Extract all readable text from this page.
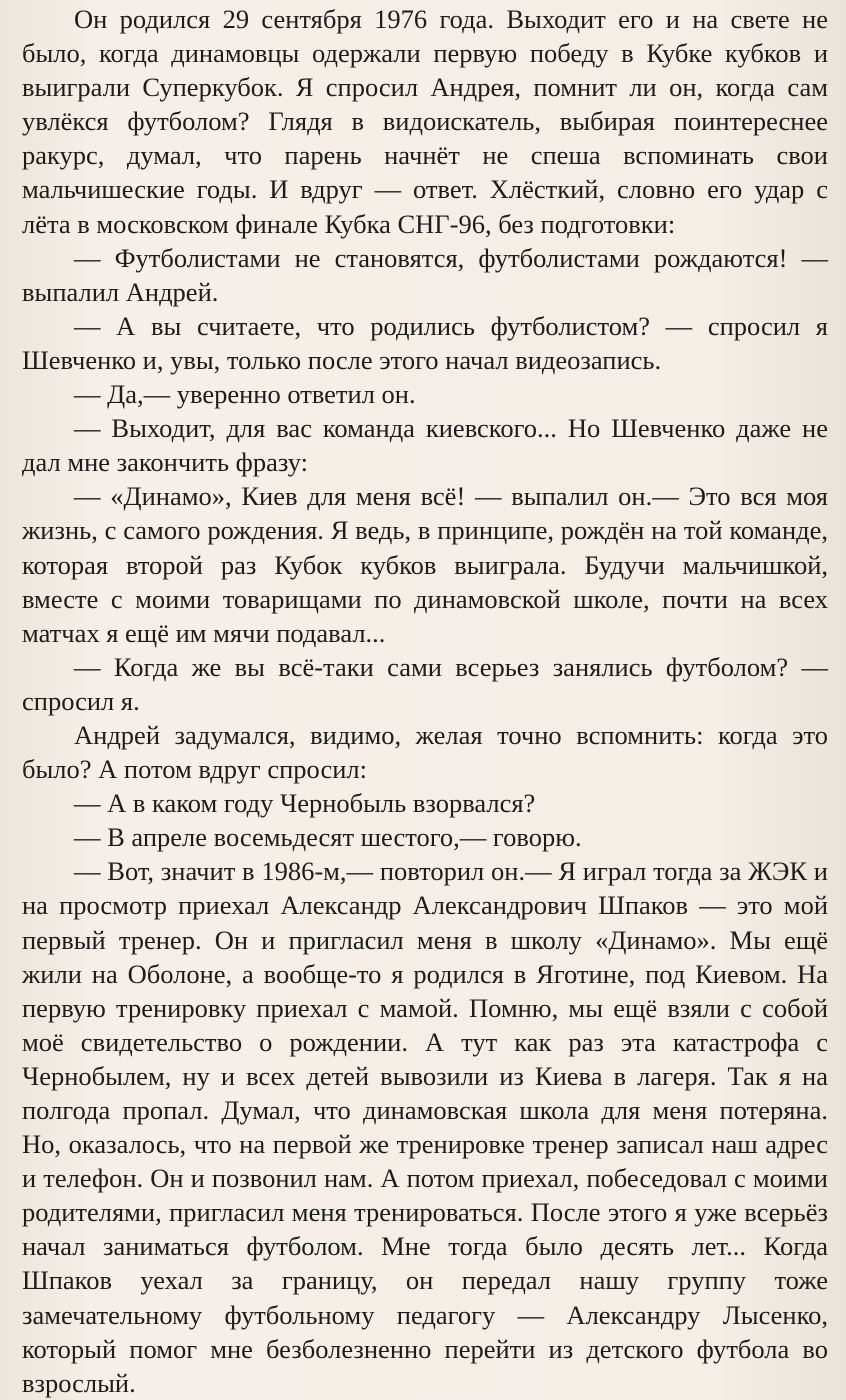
Он родился 29 сентября 1976 года. Выходит его и на свете не было, когда динамовцы одержали первую победу в Кубке кубков и выиграли Суперкубок. Я спросил Андрея, помнит ли он, когда сам увлёкся футболом? Глядя в видоискатель, выбирая поинтереснее ракурс, думал, что парень начнёт не спеша вспоминать свои мальчишеские годы. И вдруг — ответ. Хлёсткий, словно его удар с лёта в московском финале Кубка СНГ-96, без подготовки:

— Футболистами не становятся, футболистами рождаются! — выпалил Андрей.

— А вы считаете, что родились футболистом? — спросил я Шевченко и, увы, только после этого начал видеозапись.

— Да,— уверенно ответил он.

— Выходит, для вас команда киевского... Но Шевченко даже не дал мне закончить фразу:

— «Динамо», Киев для меня всё! — выпалил он.— Это вся моя жизнь, с самого рождения. Я ведь, в принципе, рождён на той команде, которая второй раз Кубок кубков выиграла. Будучи мальчишкой, вместе с моими товарищами по динамовской школе, почти на всех матчах я ещё им мячи подавал...

— Когда же вы всё-таки сами всерьез занялись футболом? — спросил я.

Андрей задумался, видимо, желая точно вспомнить: когда это было? А потом вдруг спросил:

— А в каком году Чернобыль взорвался?

— В апреле восемьдесят шестого,— говорю.

— Вот, значит в 1986-м,— повторил он.— Я играл тогда за ЖЭК и на просмотр приехал Александр Александрович Шпаков — это мой первый тренер. Он и пригласил меня в школу «Динамо». Мы ещё жили на Оболоне, а вообще-то я родился в Яготине, под Киевом. На первую тренировку приехал с мамой. Помню, мы ещё взяли с собой моё свидетельство о рождении. А тут как раз эта катастрофа с Чернобылем, ну и всех детей вывозили из Киева в лагеря. Так я на полгода пропал. Думал, что динамовская школа для меня потеряна. Но, оказалось, что на первой же тренировке тренер записал наш адрес и телефон. Он и позвонил нам. А потом приехал, побеседовал с моими родителями, пригласил меня тренироваться. После этого я уже всерьёз начал заниматься футболом. Мне тогда было десять лет... Когда Шпаков уехал за границу, он передал нашу группу тоже замечательному футбольному педагогу — Александру Лысенко, который помог мне безболезненно перейти из детского футбола во взрослый.
